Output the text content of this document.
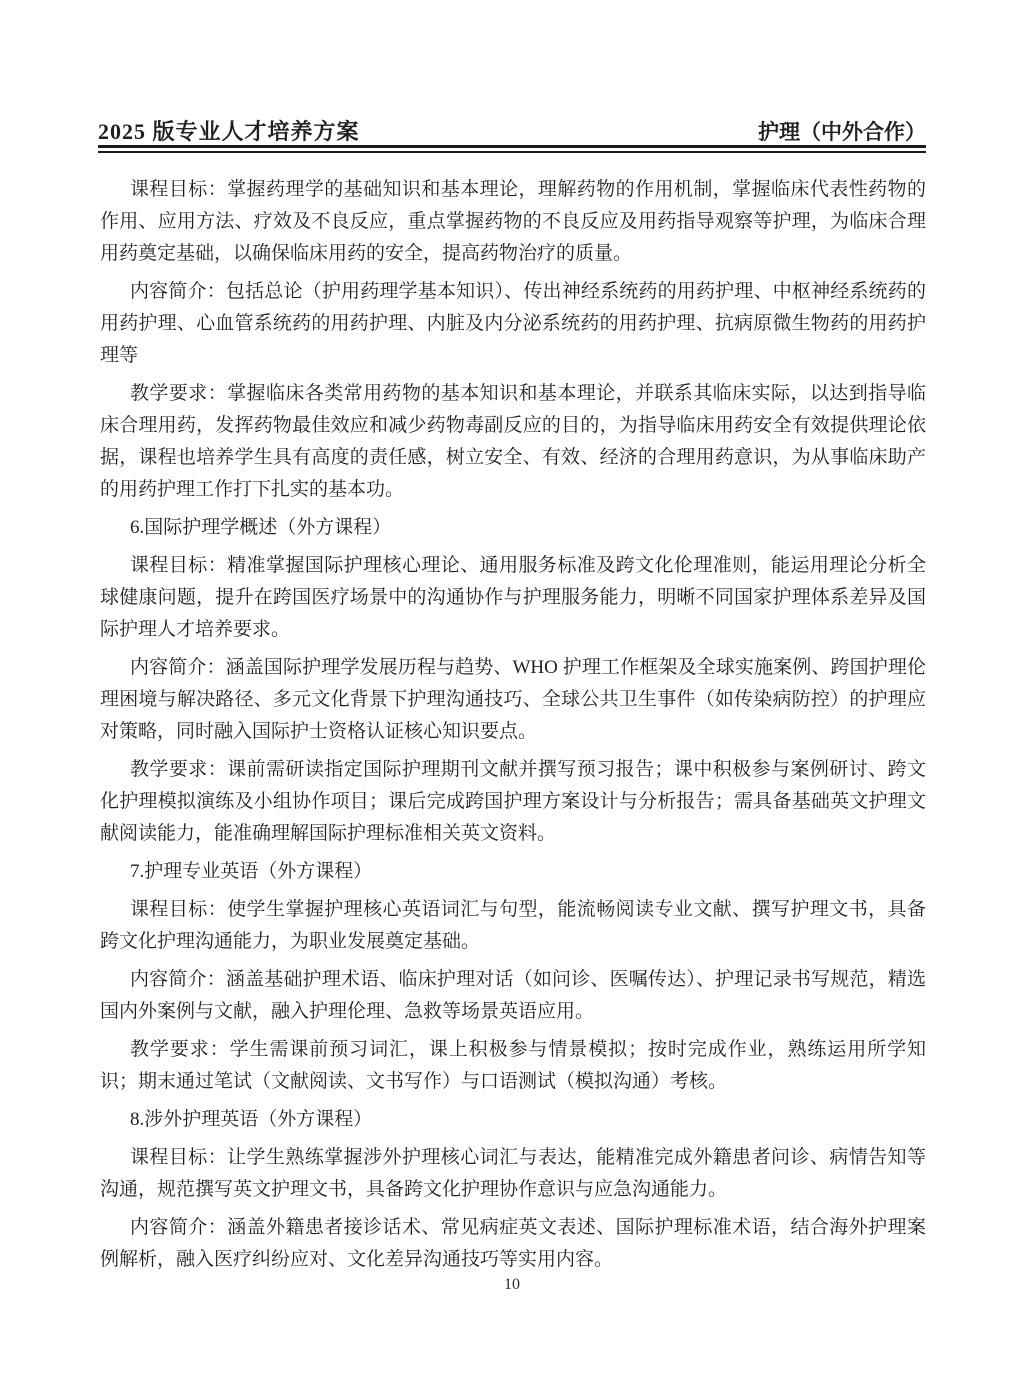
2025 版专业人才培养方案	护理（中外合作）

课程目标：掌握药理学的基础知识和基本理论，理解药物的作用机制，掌握临床代表性药物的作用、应用方法、疗效及不良反应，重点掌握药物的不良反应及用药指导观察等护理，为临床合理用药奠定基础，以确保临床用药的安全，提高药物治疗的质量。

内容简介：包括总论（护用药理学基本知识）、传出神经系统药的用药护理、中枢神经系统药的用药护理、心血管系统药的用药护理、内脏及内分泌系统药的用药护理、抗病原微生物药的用药护理等

教学要求：掌握临床各类常用药物的基本知识和基本理论，并联系其临床实际，以达到指导临床合理用药，发挥药物最佳效应和减少药物毒副反应的目的，为指导临床用药安全有效提供理论依据，课程也培养学生具有高度的责任感，树立安全、有效、经济的合理用药意识，为从事临床助产的用药护理工作打下扎实的基本功。

6.国际护理学概述（外方课程）

课程目标：精准掌握国际护理核心理论、通用服务标准及跨文化伦理准则，能运用理论分析全球健康问题，提升在跨国医疗场景中的沟通协作与护理服务能力，明晰不同国家护理体系差异及国际护理人才培养要求。

内容简介：涵盖国际护理学发展历程与趋势、WHO 护理工作框架及全球实施案例、跨国护理伦理困境与解决路径、多元文化背景下护理沟通技巧、全球公共卫生事件（如传染病防控）的护理应对策略，同时融入国际护士资格认证核心知识要点。

教学要求：课前需研读指定国际护理期刊文献并撰写预习报告；课中积极参与案例研讨、跨文化护理模拟演练及小组协作项目；课后完成跨国护理方案设计与分析报告；需具备基础英文护理文献阅读能力，能准确理解国际护理标准相关英文资料。

7.护理专业英语（外方课程）

课程目标：使学生掌握护理核心英语词汇与句型，能流畅阅读专业文献、撰写护理文书，具备跨文化护理沟通能力，为职业发展奠定基础。

内容简介：涵盖基础护理术语、临床护理对话（如问诊、医嘱传达）、护理记录书写规范，精选国内外案例与文献，融入护理伦理、急救等场景英语应用。

教学要求：学生需课前预习词汇，课上积极参与情景模拟；按时完成作业，熟练运用所学知识；期末通过笔试（文献阅读、文书写作）与口语测试（模拟沟通）考核。

8.涉外护理英语（外方课程）

课程目标：让学生熟练掌握涉外护理核心词汇与表达，能精准完成外籍患者问诊、病情告知等沟通，规范撰写英文护理文书，具备跨文化护理协作意识与应急沟通能力。

内容简介：涵盖外籍患者接诊话术、常见病症英文表述、国际护理标准术语，结合海外护理案例解析，融入医疗纠纷应对、文化差异沟通技巧等实用内容。

10
